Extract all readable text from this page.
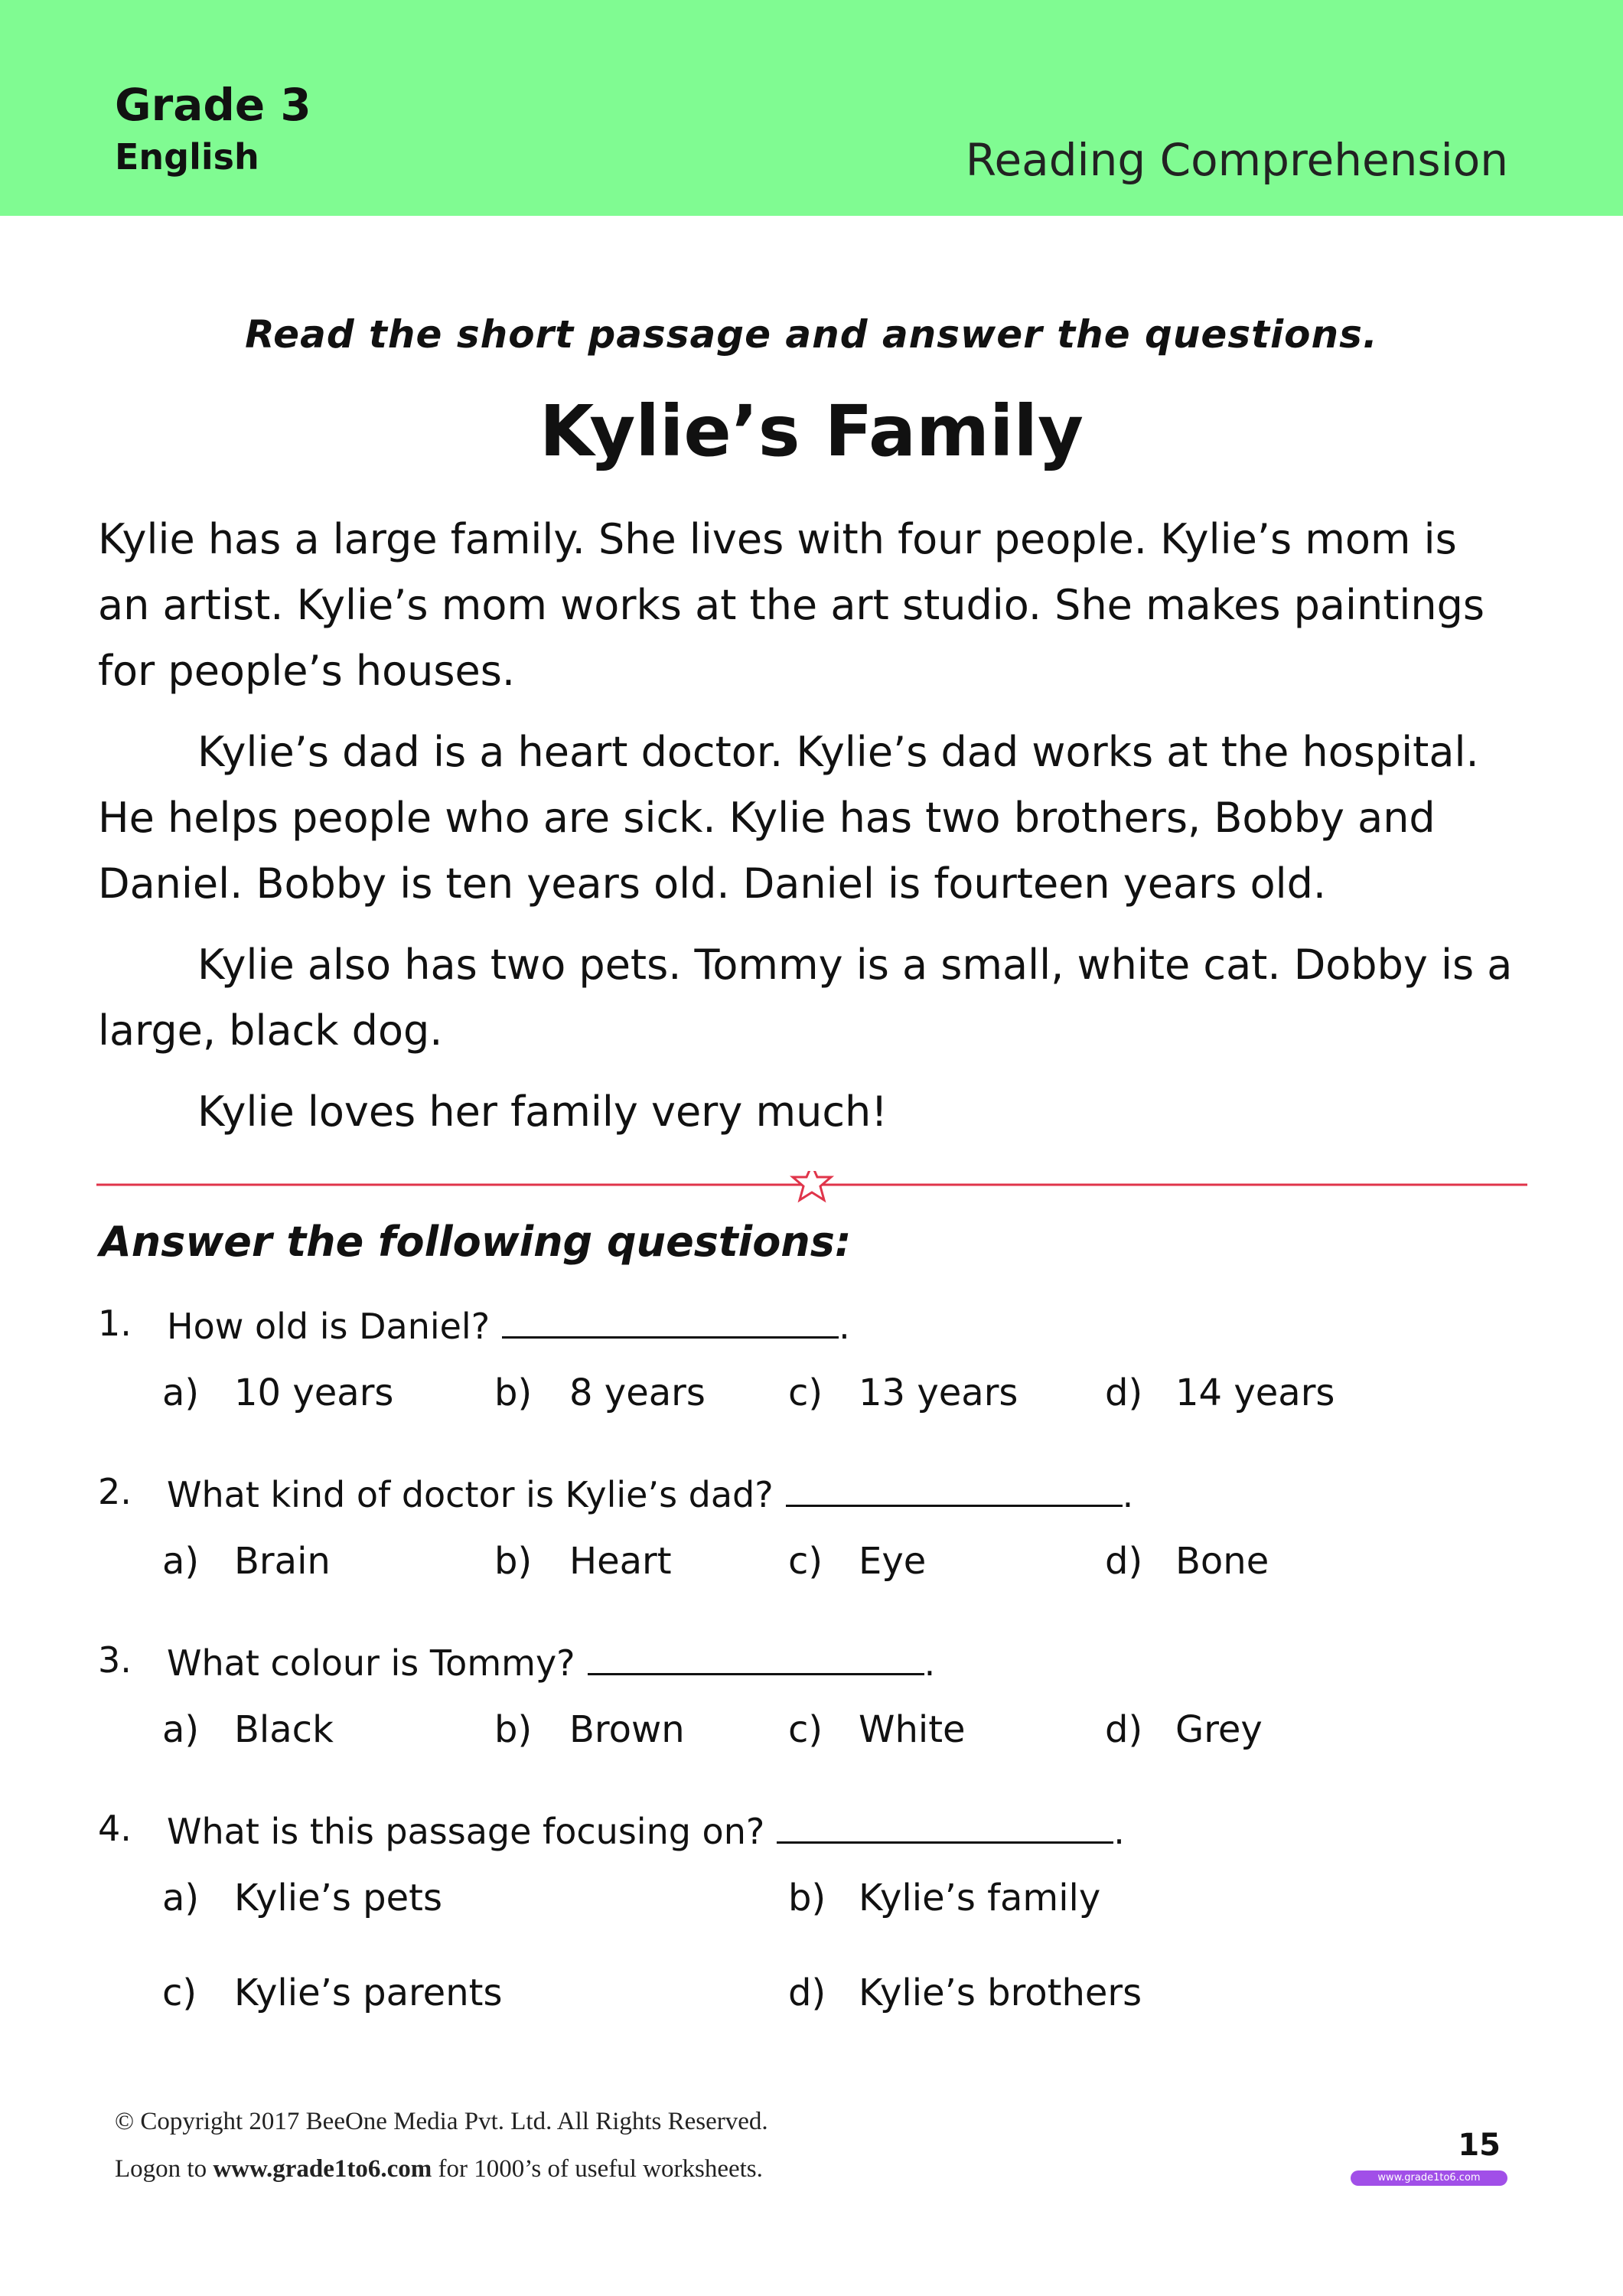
Grade 3
English	Reading Comprehension
Read the short passage and answer the questions.
Kylie’s Family

Kylie has a large family. She lives with four people. Kylie’s mom is an artist. Kylie’s mom works at the art studio. She makes paintings for people’s houses.

Kylie’s dad is a heart doctor. Kylie’s dad works at the hospital. He helps people who are sick. Kylie has two brothers, Bobby and Daniel. Bobby is ten years old. Daniel is fourteen years old.

Kylie also has two pets. Tommy is a small, white cat. Dobby is a large, black dog.

Kylie loves her family very much!

Answer the following questions:
1. How old is Daniel?	.
a) 10 years	b) 8 years c) 13 years d) 14 years
2. What kind of doctor is Kylie’s dad?	.
a) Brain	b) Heart	c) Eye	d) Bone
3. What colour is Tommy?	.
a) Black	b) Brown	c) White	d) Grey
4. What is this passage focusing on?	.
a) Kylie’s pets	b) Kylie’s family
c) Kylie’s parents	d) Kylie’s brothers
© Copyright 2017 BeeOne Media Pvt. Ltd. All Rights Reserved.
Logon to www.grade1to6.com for 1000’s of useful worksheets.
15
www.grade1to6.com
